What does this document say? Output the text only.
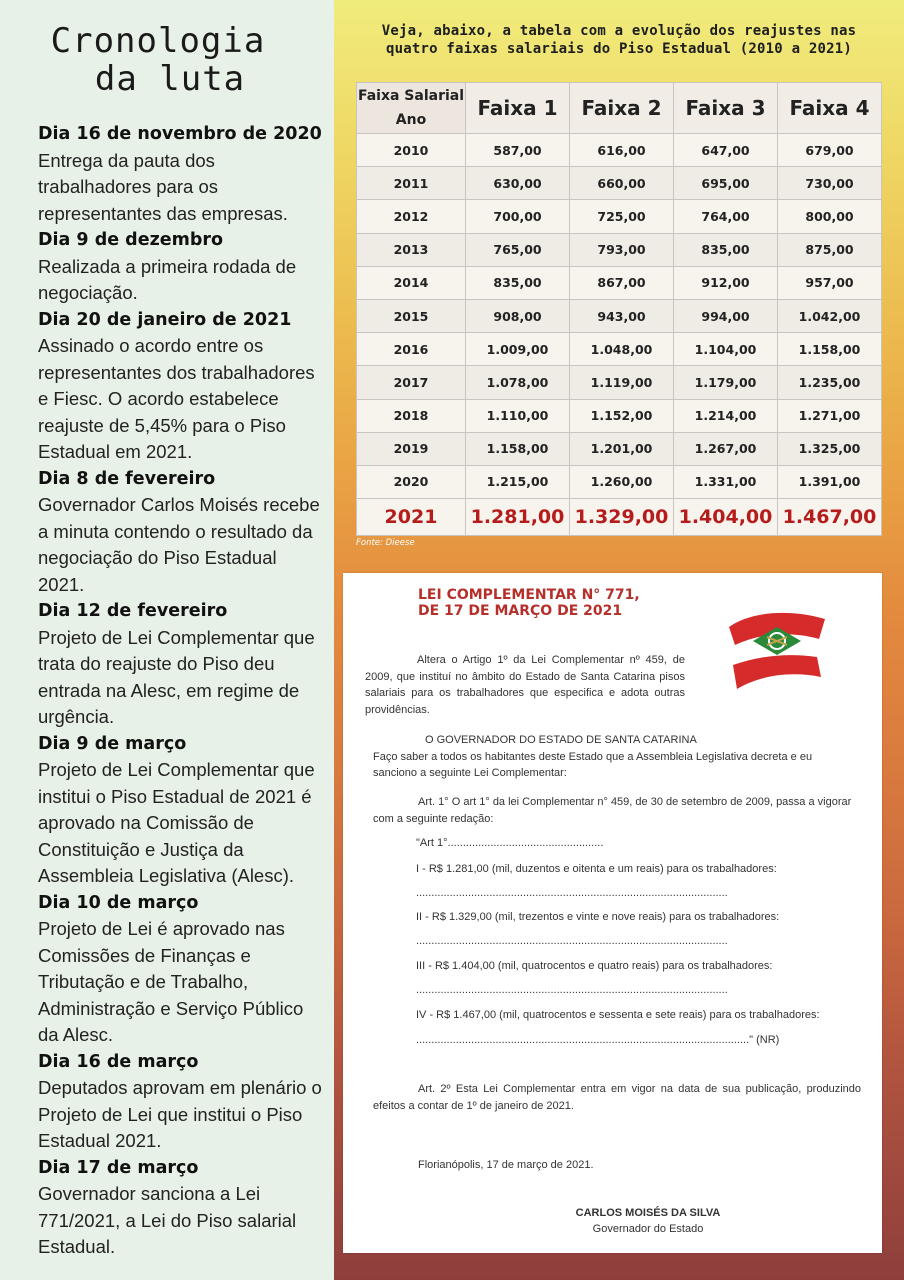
Cronologia
da luta
Dia 16 de novembro de 2020
Entrega da pauta dos trabalhadores para os representantes das empresas.
Dia 9 de dezembro
Realizada a primeira rodada de negociação.
Dia 20 de janeiro de 2021
Assinado o acordo entre os representantes dos trabalhadores e Fiesc. O acordo estabelece reajuste de 5,45% para o Piso Estadual em 2021.
Dia 8 de fevereiro
Governador Carlos Moisés recebe a minuta contendo o resultado da negociação do Piso Estadual 2021.
Dia 12 de fevereiro
Projeto de Lei Complementar que trata do reajuste do Piso deu entrada na Alesc, em regime de urgência.
Dia 9 de março
Projeto de Lei Complementar que institui o Piso Estadual de 2021 é aprovado na Comissão de Constituição e Justiça da Assembleia Legislativa (Alesc).
Dia 10 de março
Projeto de Lei é aprovado nas Comissões de Finanças e Tributação e de Trabalho, Administração e Serviço Público da Alesc.
Dia 16 de março
Deputados aprovam em plenário o Projeto de Lei que institui o Piso Estadual 2021.
Dia 17 de março
Governador sanciona a Lei 771/2021, a Lei do Piso salarial Estadual.
Veja, abaixo, a tabela com a evolução dos reajustes nas
quatro faixas salariais do Piso Estadual (2010 a 2021)
Faixa Salarial
Ano	Faixa 1	Faixa 2	Faixa 3	Faixa 4
2010	587,00	616,00	647,00	679,00
2011	630,00	660,00	695,00	730,00
2012	700,00	725,00	764,00	800,00
2013	765,00	793,00	835,00	875,00
2014	835,00	867,00	912,00	957,00
2015	908,00	943,00	994,00	1.042,00
2016	1.009,00	1.048,00	1.104,00	1.158,00
2017	1.078,00	1.119,00	1.179,00	1.235,00
2018	1.110,00	1.152,00	1.214,00	1.271,00
2019	1.158,00	1.201,00	1.267,00	1.325,00
2020	1.215,00	1.260,00	1.331,00	1.391,00
2021	1.281,00	1.329,00	1.404,00	1.467,00
Fonte: Dieese
LEI COMPLEMENTAR N° 771,
DE 17 DE MARÇO DE 2021
Altera o Artigo 1º da Lei Complementar nº 459, de 2009, que instituí no âmbito do Estado de Santa Catarina pisos salariais para os trabalhadores que especifica e adota outras providências.
O GOVERNADOR DO ESTADO DE SANTA CATARINA
Faço saber a todos os habitantes deste Estado que a Assembleia Legislativa decreta e eu
sanciono a seguinte Lei Complementar:
Art. 1° O art 1° da lei Complementar n° 459, de 30 de setembro de 2009, passa a vigorar com a seguinte redação:
"Art 1°...................................................
I - R$ 1.281,00 (mil, duzentos e oitenta e um reais) para os trabalhadores:
......................................................................................................
II - R$ 1.329,00 (mil, trezentos e vinte e nove reais) para os trabalhadores:
......................................................................................................
III - R$ 1.404,00 (mil, quatrocentos e quatro reais) para os trabalhadores:
......................................................................................................
IV - R$ 1.467,00 (mil, quatrocentos e sessenta e sete reais) para os trabalhadores:
............................................................................................................." (NR)
Art. 2º Esta Lei Complementar entra em vigor na data de sua publicação, produzindo efeitos a contar de 1º de janeiro de 2021.
Florianópolis, 17 de março de 2021.
CARLOS MOISÉS DA SILVA
Governador do Estado
